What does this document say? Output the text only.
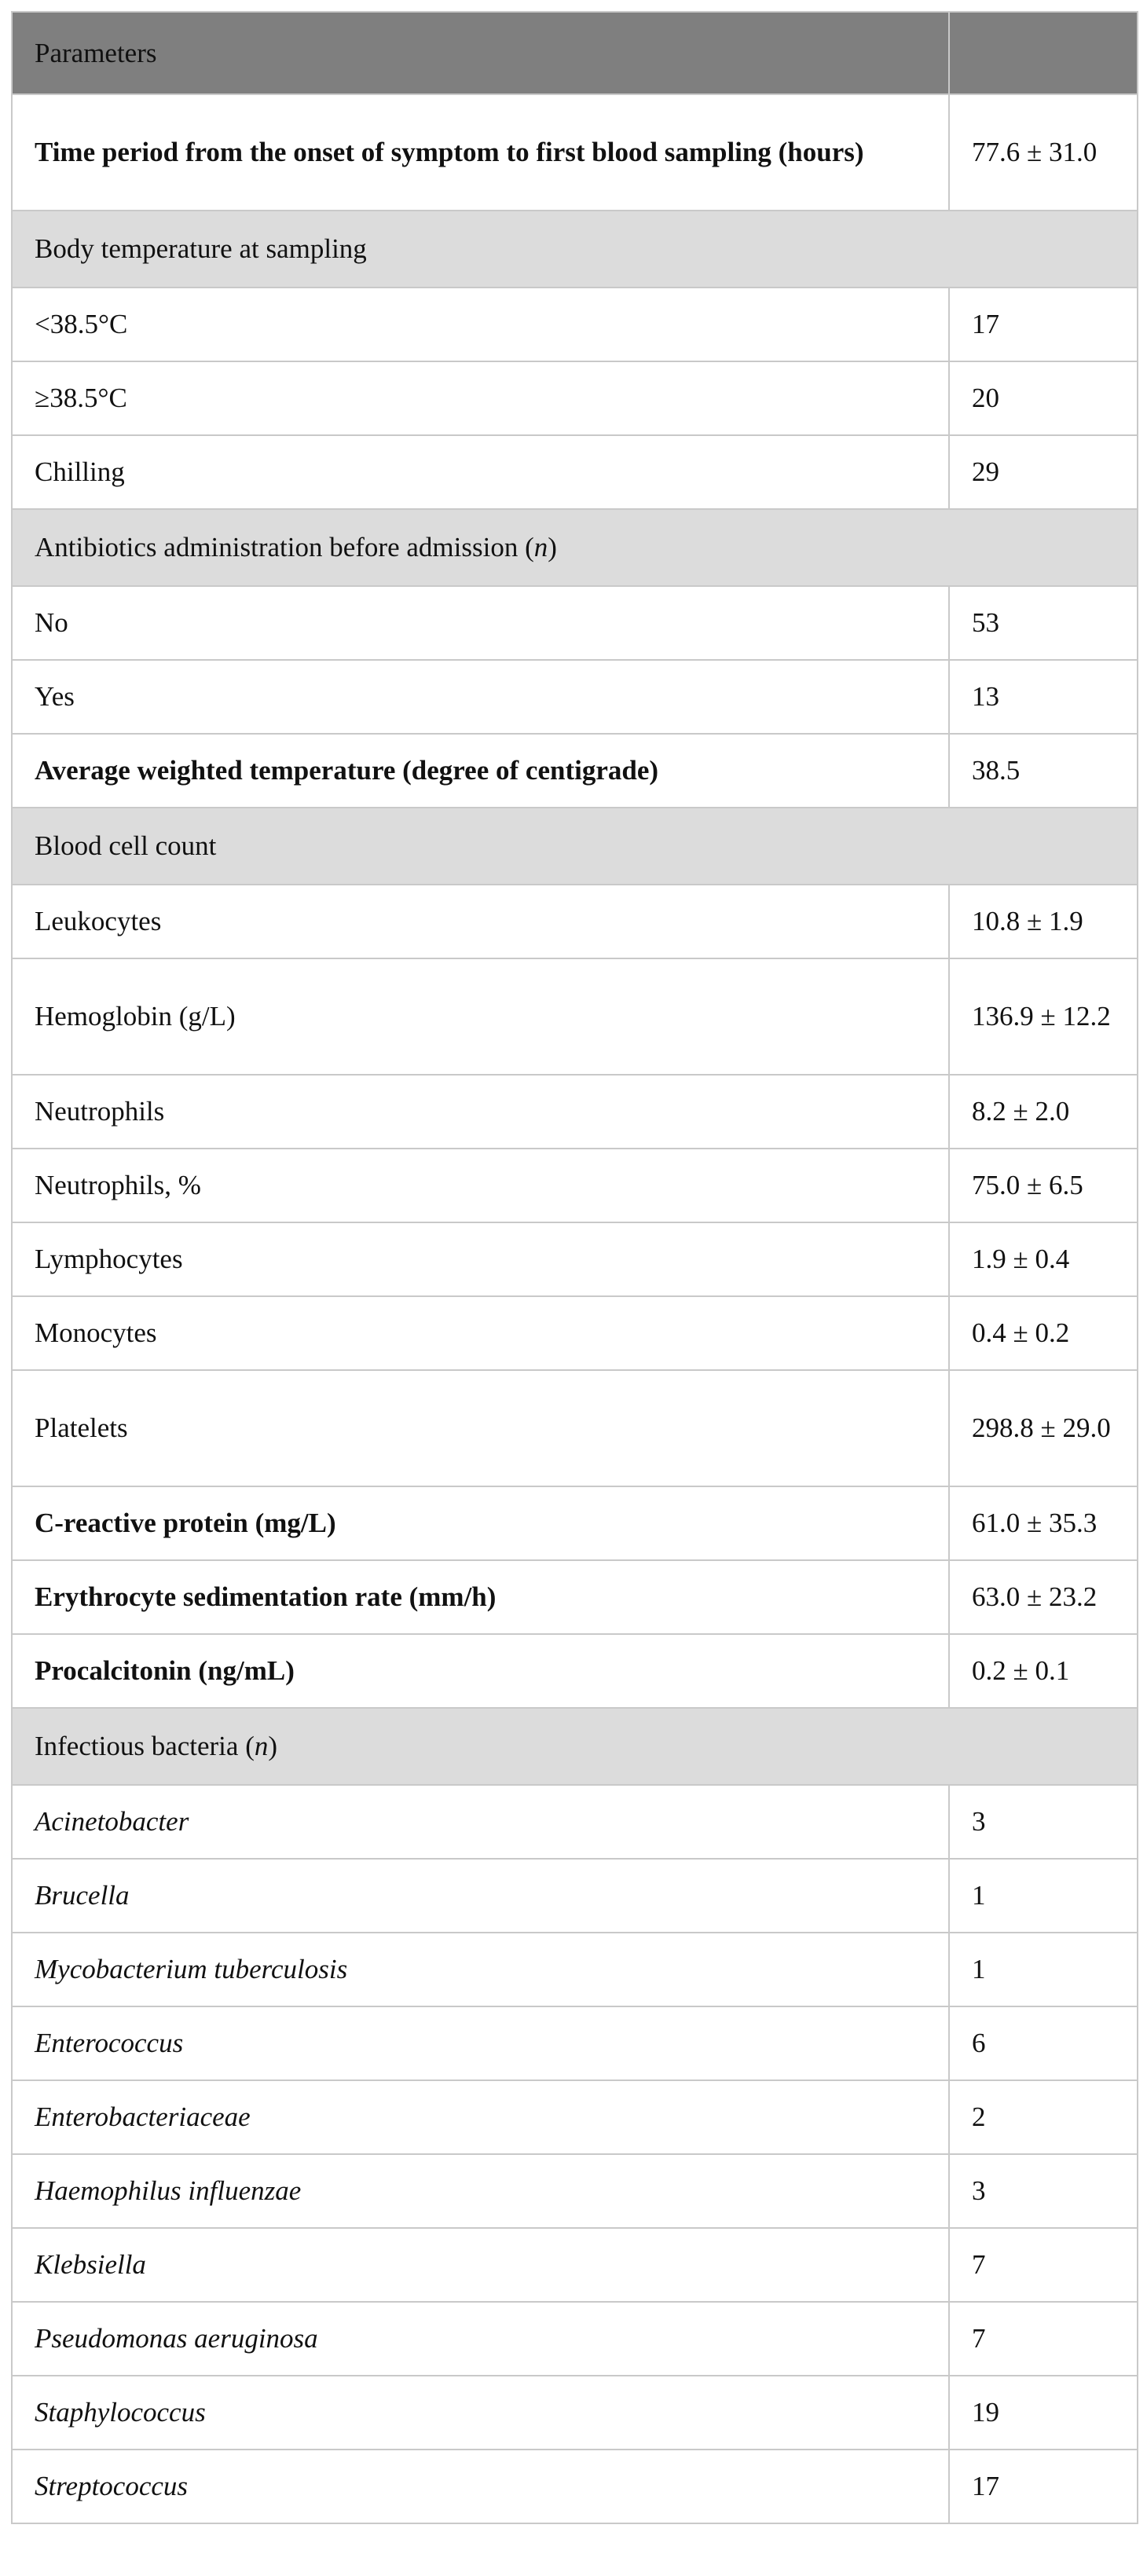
Parameters	
Time period from the onset of symptom to first blood sampling (hours)	77.6 ± 31.0
Body temperature at sampling	
<38.5°C	17
≥38.5°C	20
Chilling	29
Antibiotics administration before admission (n)	
No	53
Yes	13
Average weighted temperature (degree of centigrade)	38.5
Blood cell count	
Leukocytes	10.8 ± 1.9
Hemoglobin (g/L)	136.9 ± 12.2
Neutrophils	8.2 ± 2.0
Neutrophils, %	75.0 ± 6.5
Lymphocytes	1.9 ± 0.4
Monocytes	0.4 ± 0.2
Platelets	298.8 ± 29.0
C-reactive protein (mg/L)	61.0 ± 35.3
Erythrocyte sedimentation rate (mm/h)	63.0 ± 23.2
Procalcitonin (ng/mL)	0.2 ± 0.1
Infectious bacteria (n)	
Acinetobacter	3
Brucella	1
Mycobacterium tuberculosis	1
Enterococcus	6
Enterobacteriaceae	2
Haemophilus influenzae	3
Klebsiella	7
Pseudomonas aeruginosa	7
Staphylococcus	19
Streptococcus	17
